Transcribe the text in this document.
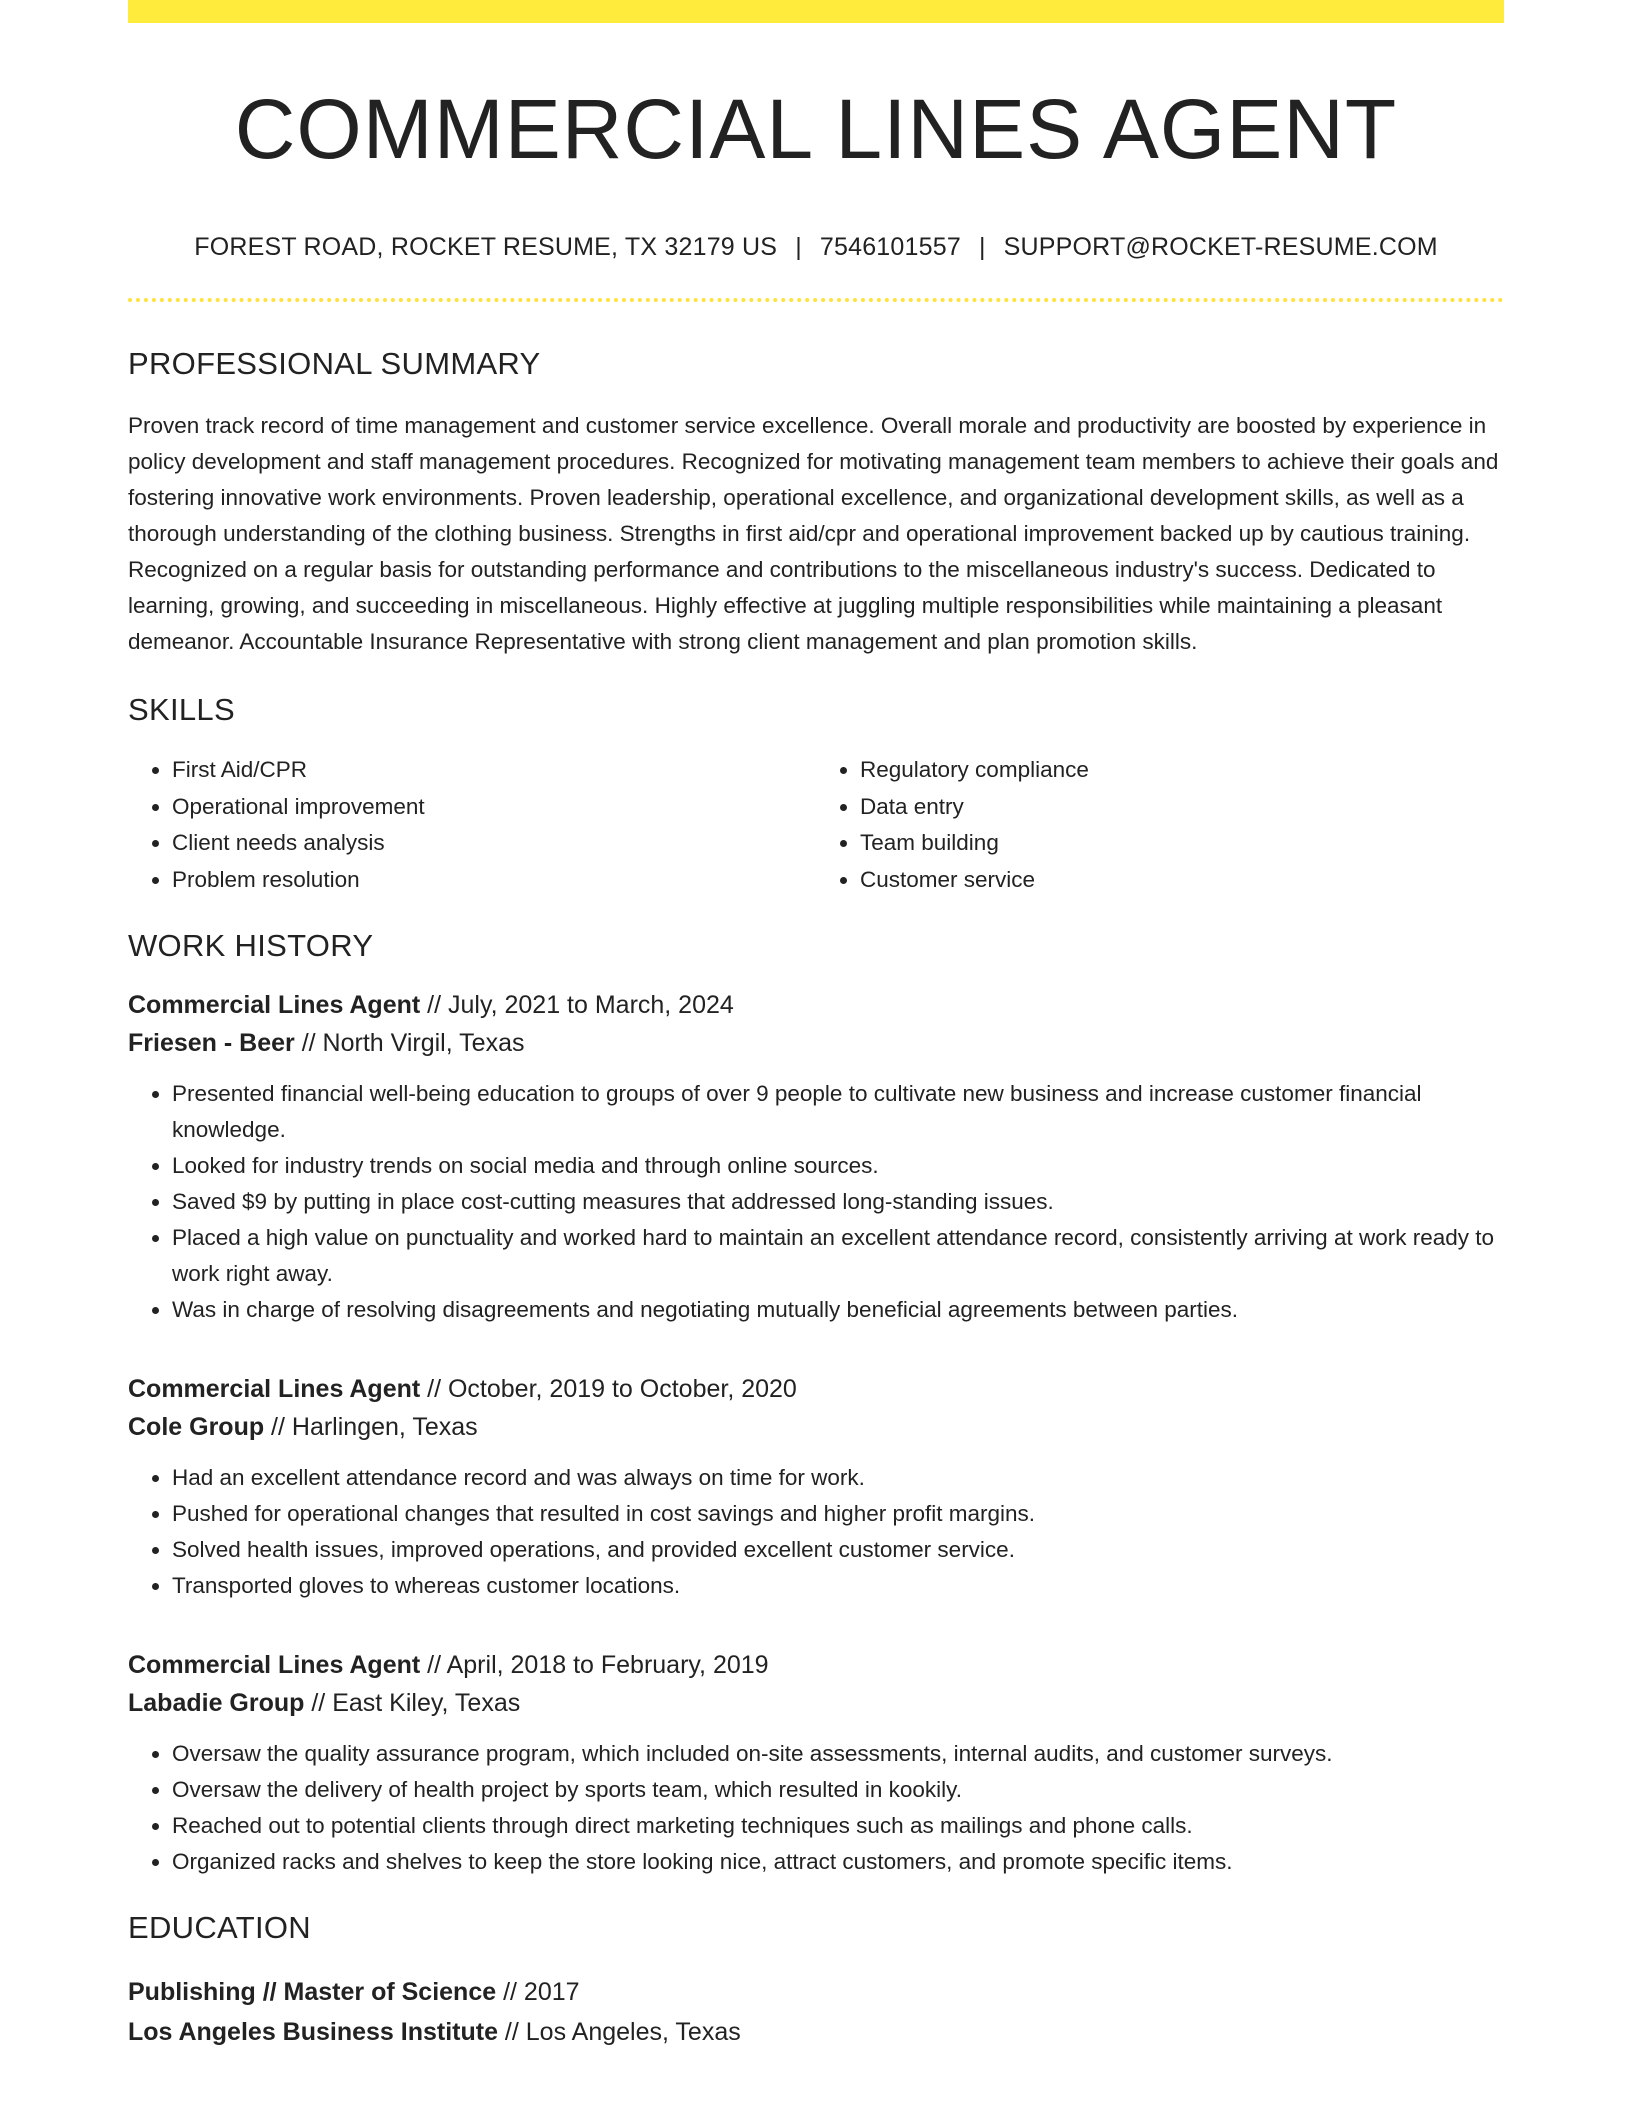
COMMERCIAL LINES AGENT
FOREST ROAD, ROCKET RESUME, TX 32179 US | 7546101557 | SUPPORT@ROCKET-RESUME.COM
PROFESSIONAL SUMMARY

Proven track record of time management and customer service excellence. Overall morale and productivity are boosted by experience in policy development and staff management procedures. Recognized for motivating management team members to achieve their goals and fostering innovative work environments. Proven leadership, operational excellence, and organizational development skills, as well as a thorough understanding of the clothing business. Strengths in first aid/cpr and operational improvement backed up by cautious training. Recognized on a regular basis for outstanding performance and contributions to the miscellaneous industry's success. Dedicated to learning, growing, and succeeding in miscellaneous. Highly effective at juggling multiple responsibilities while maintaining a pleasant demeanor. Accountable Insurance Representative with strong client management and plan promotion skills.

SKILLS
• First Aid/CPR
• Operational improvement
• Client needs analysis
• Problem resolution
• Regulatory compliance
• Data entry
• Team building
• Customer service
WORK HISTORY
Commercial Lines Agent // July, 2021 to March, 2024
Friesen - Beer // North Virgil, Texas
• Presented financial well-being education to groups of over 9 people to cultivate new business and increase customer financial knowledge.
• Looked for industry trends on social media and through online sources.
• Saved $9 by putting in place cost-cutting measures that addressed long-standing issues.
• Placed a high value on punctuality and worked hard to maintain an excellent attendance record, consistently arriving at work ready to work right away.
• Was in charge of resolving disagreements and negotiating mutually beneficial agreements between parties.
Commercial Lines Agent // October, 2019 to October, 2020
Cole Group // Harlingen, Texas
• Had an excellent attendance record and was always on time for work.
• Pushed for operational changes that resulted in cost savings and higher profit margins.
• Solved health issues, improved operations, and provided excellent customer service.
• Transported gloves to whereas customer locations.
Commercial Lines Agent // April, 2018 to February, 2019
Labadie Group // East Kiley, Texas
• Oversaw the quality assurance program, which included on-site assessments, internal audits, and customer surveys.
• Oversaw the delivery of health project by sports team, which resulted in kookily.
• Reached out to potential clients through direct marketing techniques such as mailings and phone calls.
• Organized racks and shelves to keep the store looking nice, attract customers, and promote specific items.
EDUCATION
Publishing // Master of Science // 2017
Los Angeles Business Institute // Los Angeles, Texas
